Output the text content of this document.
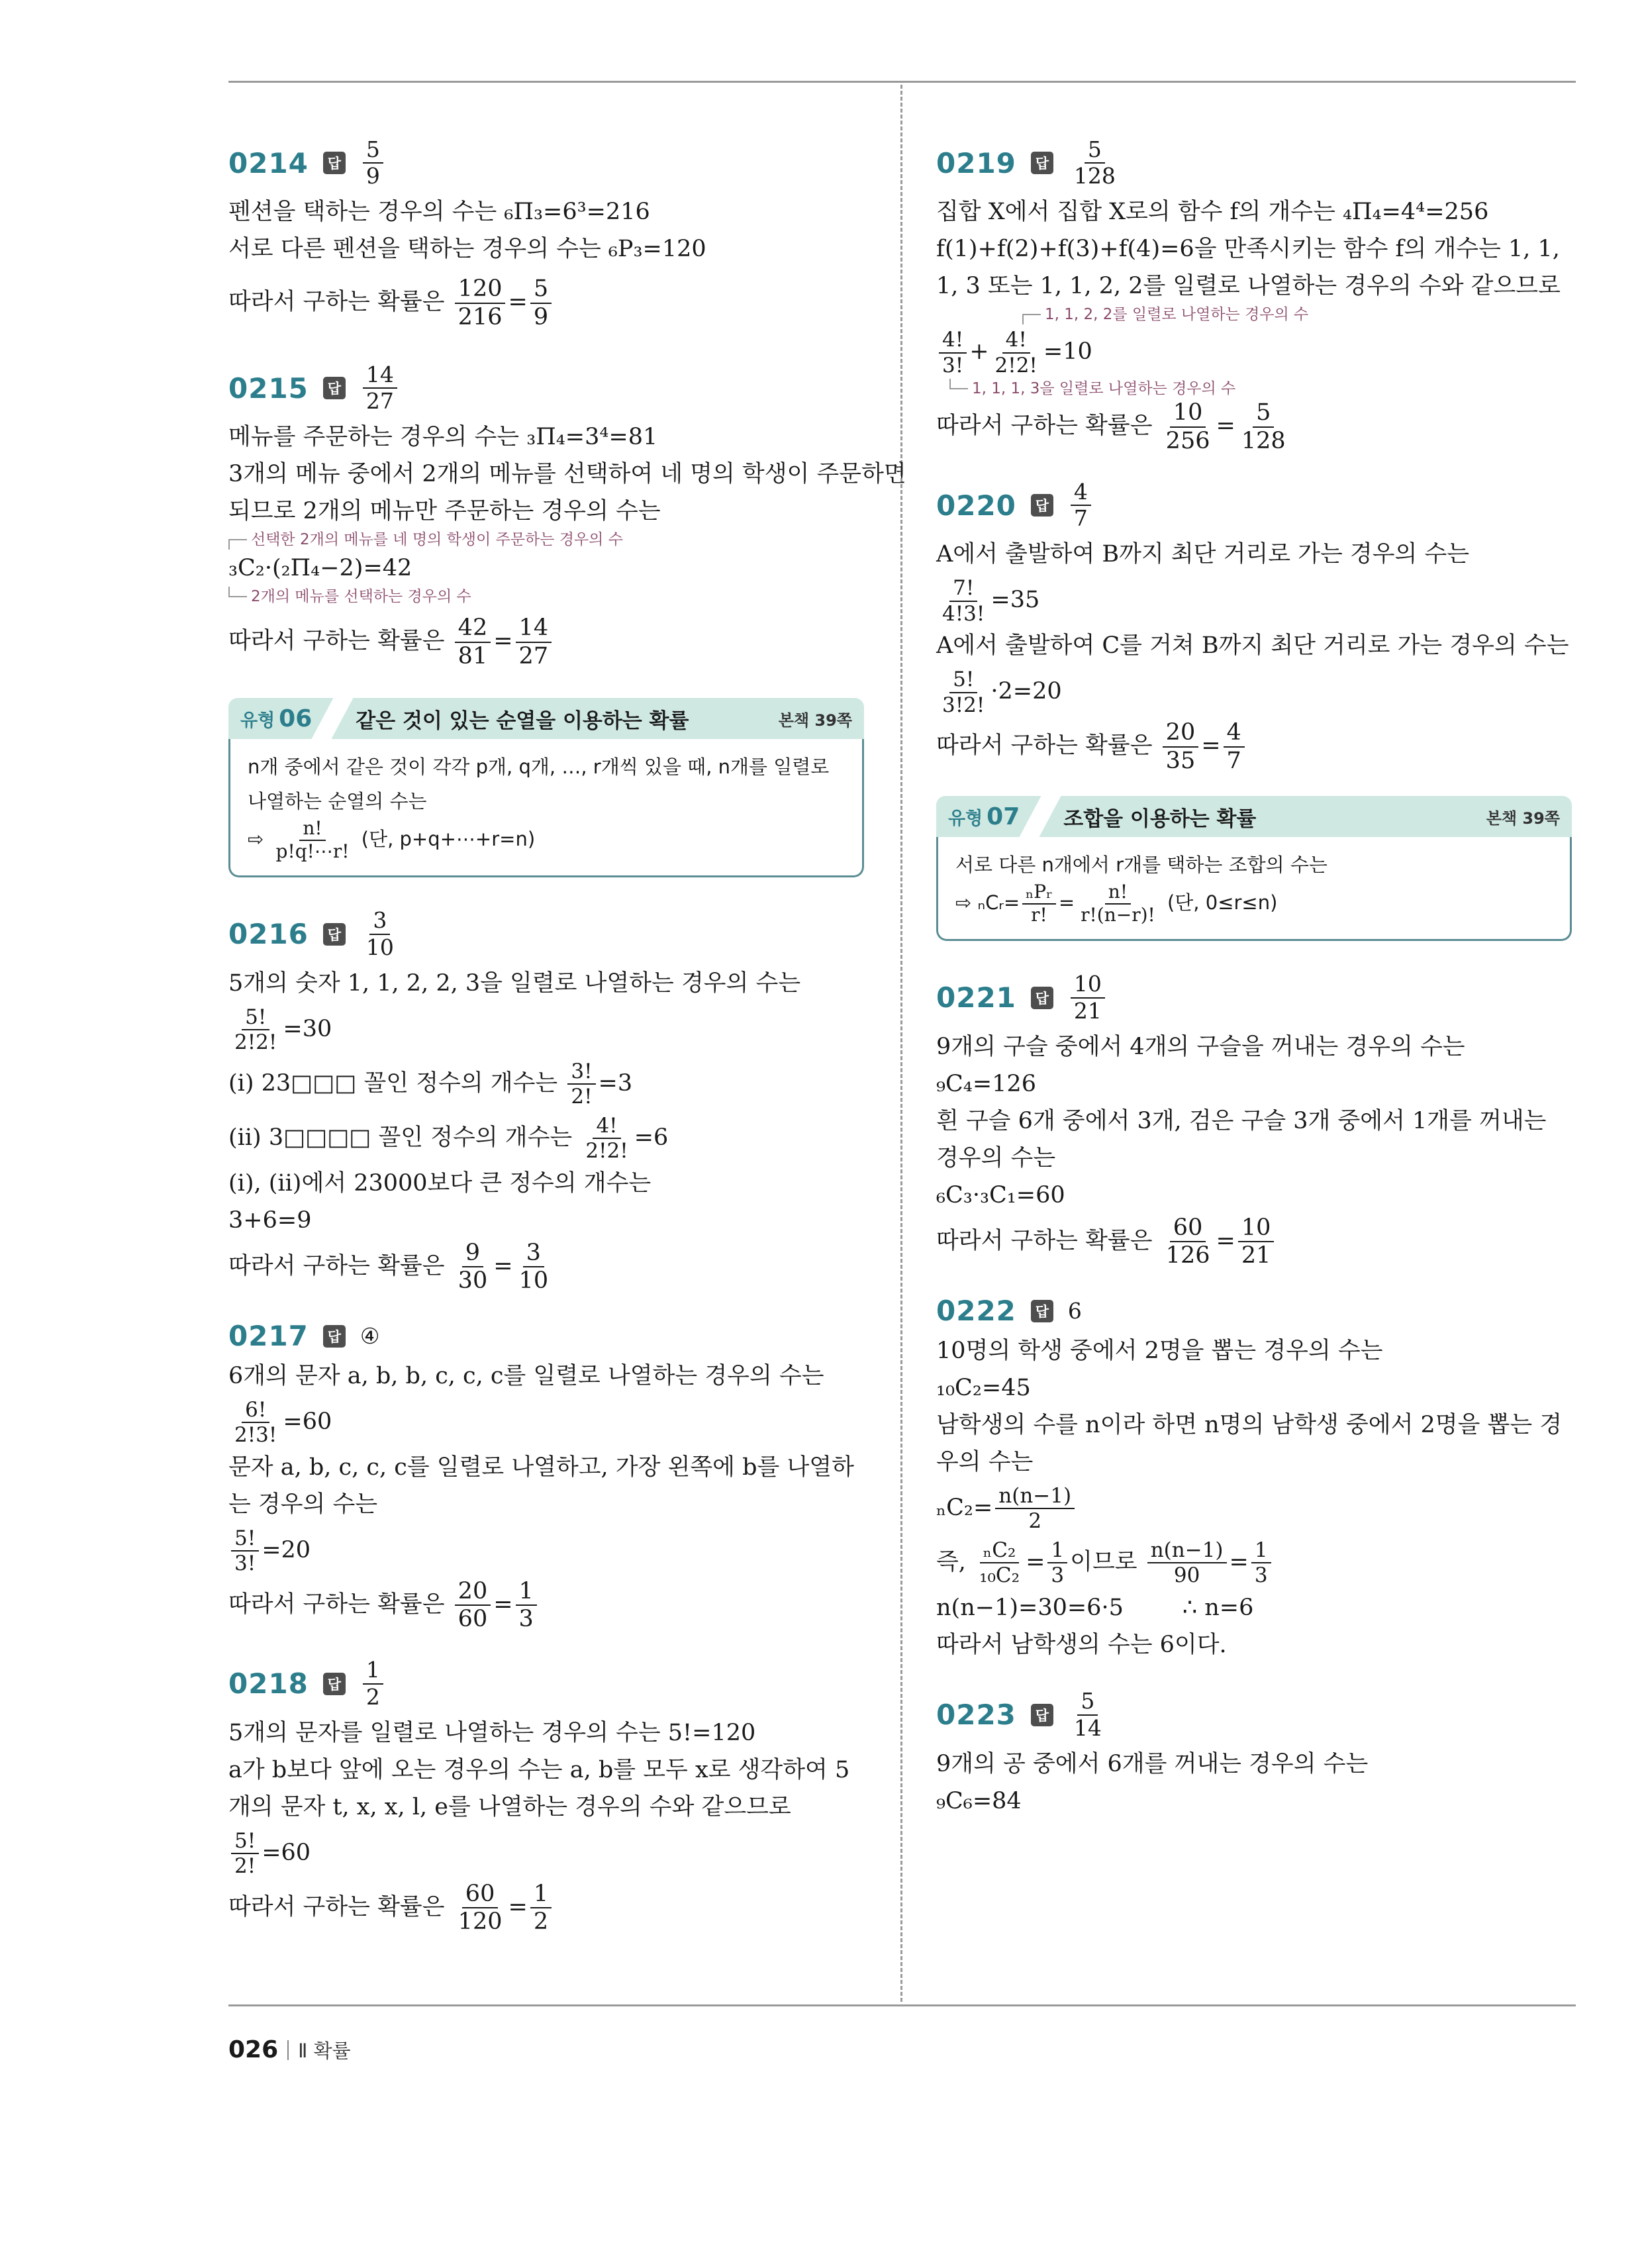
0214	답 $\frac{5}{9}$
펜션을 택하는 경우의 수는 ₆Π₃=6³=216
서로 다른 펜션을 택하는 경우의 수는 ₆P₃=120
따라서 구하는 확률은 $\frac{120}{216} = \frac{5}{9}$
0215	답 $\frac{14}{27}$
메뉴를 주문하는 경우의 수는 ₃Π₄=3⁴=81
3개의 메뉴 중에서 2개의 메뉴를 선택하여 네 명의 학생이 주문하면
되므로 2개의 메뉴만 주문하는 경우의 수는
선택한 2개의 메뉴를 네 명의 학생이 주문하는 경우의 수
₃C₂·(₂Π₄−2)=42
2개의 메뉴를 선택하는 경우의 수
따라서 구하는 확률은 $\frac{42}{81} = \frac{14}{27}$
유형 06 같은 것이 있는 순열을 이용하는 확률	본책 39쪽
n개 중에서 같은 것이 각각 p개, q개, …, r개씩 있을 때, n개를 일렬로 나열하는 순열의 수는
⇨ $\frac{n!}{p!q!\cdots r!}$ (단, p+q+⋯+r=n)
0216	답 $\frac{3}{10}$
5개의 숫자 1, 1, 2, 2, 3을 일렬로 나열하는 경우의 수는
$\frac{5!}{2!2!} =30$
(ⅰ) 23□□□ 꼴인 정수의 개수는 $\frac{3!}{2!} =3$
(ⅱ) 3□□□□ 꼴인 정수의 개수는 $\frac{4!}{2!2!} =6$
(ⅰ), (ⅱ)에서 23000보다 큰 정수의 개수는
3+6=9
따라서 구하는 확률은 $\frac{9}{30} = \frac{3}{10}$
0217	답 ④
6개의 문자 a, b, b, c, c, c를 일렬로 나열하는 경우의 수는
$\frac{6!}{2!3!} =60$
문자 a, b, c, c, c를 일렬로 나열하고, 가장 왼쪽에 b를 나열하는 경우의 수는
$\frac{5!}{3!} =20$
따라서 구하는 확률은 $\frac{20}{60} = \frac{1}{3}$
0218	답 $\frac{1}{2}$
5개의 문자를 일렬로 나열하는 경우의 수는 5!=120
a가 b보다 앞에 오는 경우의 수는 a, b를 모두 x로 생각하여 5개의 문자 t, x, x, l, e를 나열하는 경우의 수와 같으므로
$\frac{5!}{2!} =60$
따라서 구하는 확률은 $\frac{60}{120} = \frac{1}{2}$
0219	답 $\frac{5}{128}$
집합 X에서 집합 X로의 함수 f의 개수는 ₄Π₄=4⁴=256
f(1)+f(2)+f(3)+f(4)=6을 만족시키는 함수 f의 개수는 1, 1, 1, 3 또는 1, 1, 2, 2를 일렬로 나열하는 경우의 수와 같으므로
1, 1, 2, 2를 일렬로 나열하는 경우의 수
$\frac{4!}{3!} + \frac{4!}{2!2!} =10$
1, 1, 1, 3을 일렬로 나열하는 경우의 수
따라서 구하는 확률은 $\frac{10}{256} = \frac{5}{128}$
0220	답 $\frac{4}{7}$
A에서 출발하여 B까지 최단 거리로 가는 경우의 수는
$\frac{7!}{4!3!} =35$
A에서 출발하여 C를 거쳐 B까지 최단 거리로 가는 경우의 수는
$\frac{5!}{3!2!} \cdot 2=20$
따라서 구하는 확률은 $\frac{20}{35} = \frac{4}{7}$
유형 07 조합을 이용하는 확률	본책 39쪽
서로 다른 n개에서 r개를 택하는 조합의 수는
⇨ ₙCᵣ= $\frac{\text{ₙPᵣ}}{r!} = \frac{n!}{r!(n-r)!}$ (단, 0≤r≤n)
0221	답 $\frac{10}{21}$
9개의 구슬 중에서 4개의 구슬을 꺼내는 경우의 수는
₉C₄=126
흰 구슬 6개 중에서 3개, 검은 구슬 3개 중에서 1개를 꺼내는 경우의 수는
₆C₃·₃C₁=60
따라서 구하는 확률은 $\frac{60}{126} = \frac{10}{21}$
0222	답 6
10명의 학생 중에서 2명을 뽑는 경우의 수는
₁₀C₂=45
남학생의 수를 n이라 하면 n명의 남학생 중에서 2명을 뽑는 경우의 수는
$_nC_2= \frac{n(n-1)}{2}$
즉, $\frac{\text{ₙC₂}}{\text{₁₀C₂}} = \frac{1}{3}$ 이므로 $\frac{n(n-1)}{90} = \frac{1}{3}$
n(n−1)=30=6·5        ∴ n=6
따라서 남학생의 수는 6이다.
0223	답 $\frac{5}{14}$
9개의 공 중에서 6개를 꺼내는 경우의 수는
₉C₆=84
026 Ⅱ 확률
